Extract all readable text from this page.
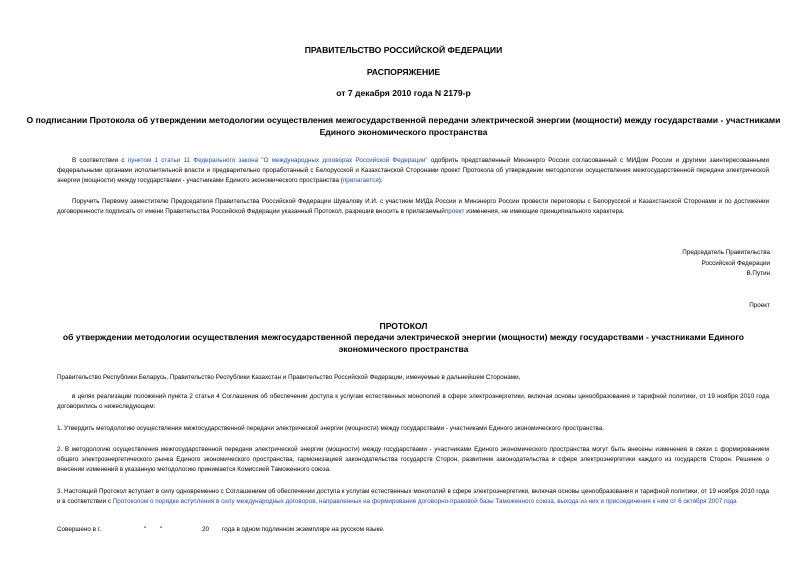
ПРАВИТЕЛЬСТВО РОССИЙСКОЙ ФЕДЕРАЦИИ
РАСПОРЯЖЕНИЕ
от 7 декабря 2010 года N 2179-р
О подписании Протокола об утверждении методологии осуществления межгосударственной передачи электрической энергии (мощности) между государствами - участниками Единого экономического пространства
В соответствии с пунктом 1 статьи 11 Федерального закона "О международных договорах Российской Федерации" одобрить представленный Минэнерго России согласованный с МИДом России и другими заинтересованными федеральными органами исполнительной власти и предварительно проработанный с Белорусской и Казахстанской Сторонами проект Протокола об утверждении методологии осуществления межгосударственной передачи электрической энергии (мощности) между государствами - участниками Единого экономического пространства (прилагается).
Поручить Первому заместителю Председателя Правительства Российской Федерации Шувалову И.И. с участием МИДа России и Минэнерго России провести переговоры с Белорусской и Казахстанской Сторонами и по достижении договоренности подписать от имени Правительства Российской Федерации указанный Протокол, разрешив вносить в прилагаемыйпроект изменения, не имеющие принципиального характера.
Председатель Правительства
Российской Федерации
В.Путин
Проект
ПРОТОКОЛ
об утверждении методологии осуществления межгосударственной передачи электрической энергии (мощности) между государствами - участниками Единого экономического пространства
Правительство Республики Беларусь, Правительство Республики Казахстан и Правительство Российской Федерации, именуемые в дальнейшем Сторонами,
в целях реализации положений пункта 2 статьи 4 Соглашения об обеспечении доступа к услугам естественных монополий в сфере электроэнергетики, включая основы ценообразования и тарифной политики, от 19 ноября 2010 года договорились о нижеследующем:
1. Утвердить методологию осуществления межгосударственной передачи электрической энергии (мощности) между государствами - участниками Единого экономического пространства.
2. В методологию осуществления межгосударственной передачи электрической энергии (мощности) между государствами - участниками Единого экономического пространства могут быть внесены изменения в связи с формированием общего электроэнергетического рынка Единого экономического пространства, гармонизацией законодательства государств Сторон, развитием законодательства в сфере электроэнергетики каждого из государств Сторон. Решение о внесении изменений в указанную методологию принимается Комиссией Таможенного союза.
3. Настоящий Протокол вступает в силу одновременно с Соглашением об обеспечении доступа к услугам естественных монополий в сфере электроэнергетики, включая основы ценообразования и тарифной политики, от 19 ноября 2010 года и в соответствии с Протоколом о порядке вступления в силу международных договоров, направленных на формирование договорно-правовой базы Таможенного союза, выхода из них и присоединения к ним от 6 октября 2007 года
Совершено в г.	" "	20 года в одном подлинном экземпляре на русском языке.
